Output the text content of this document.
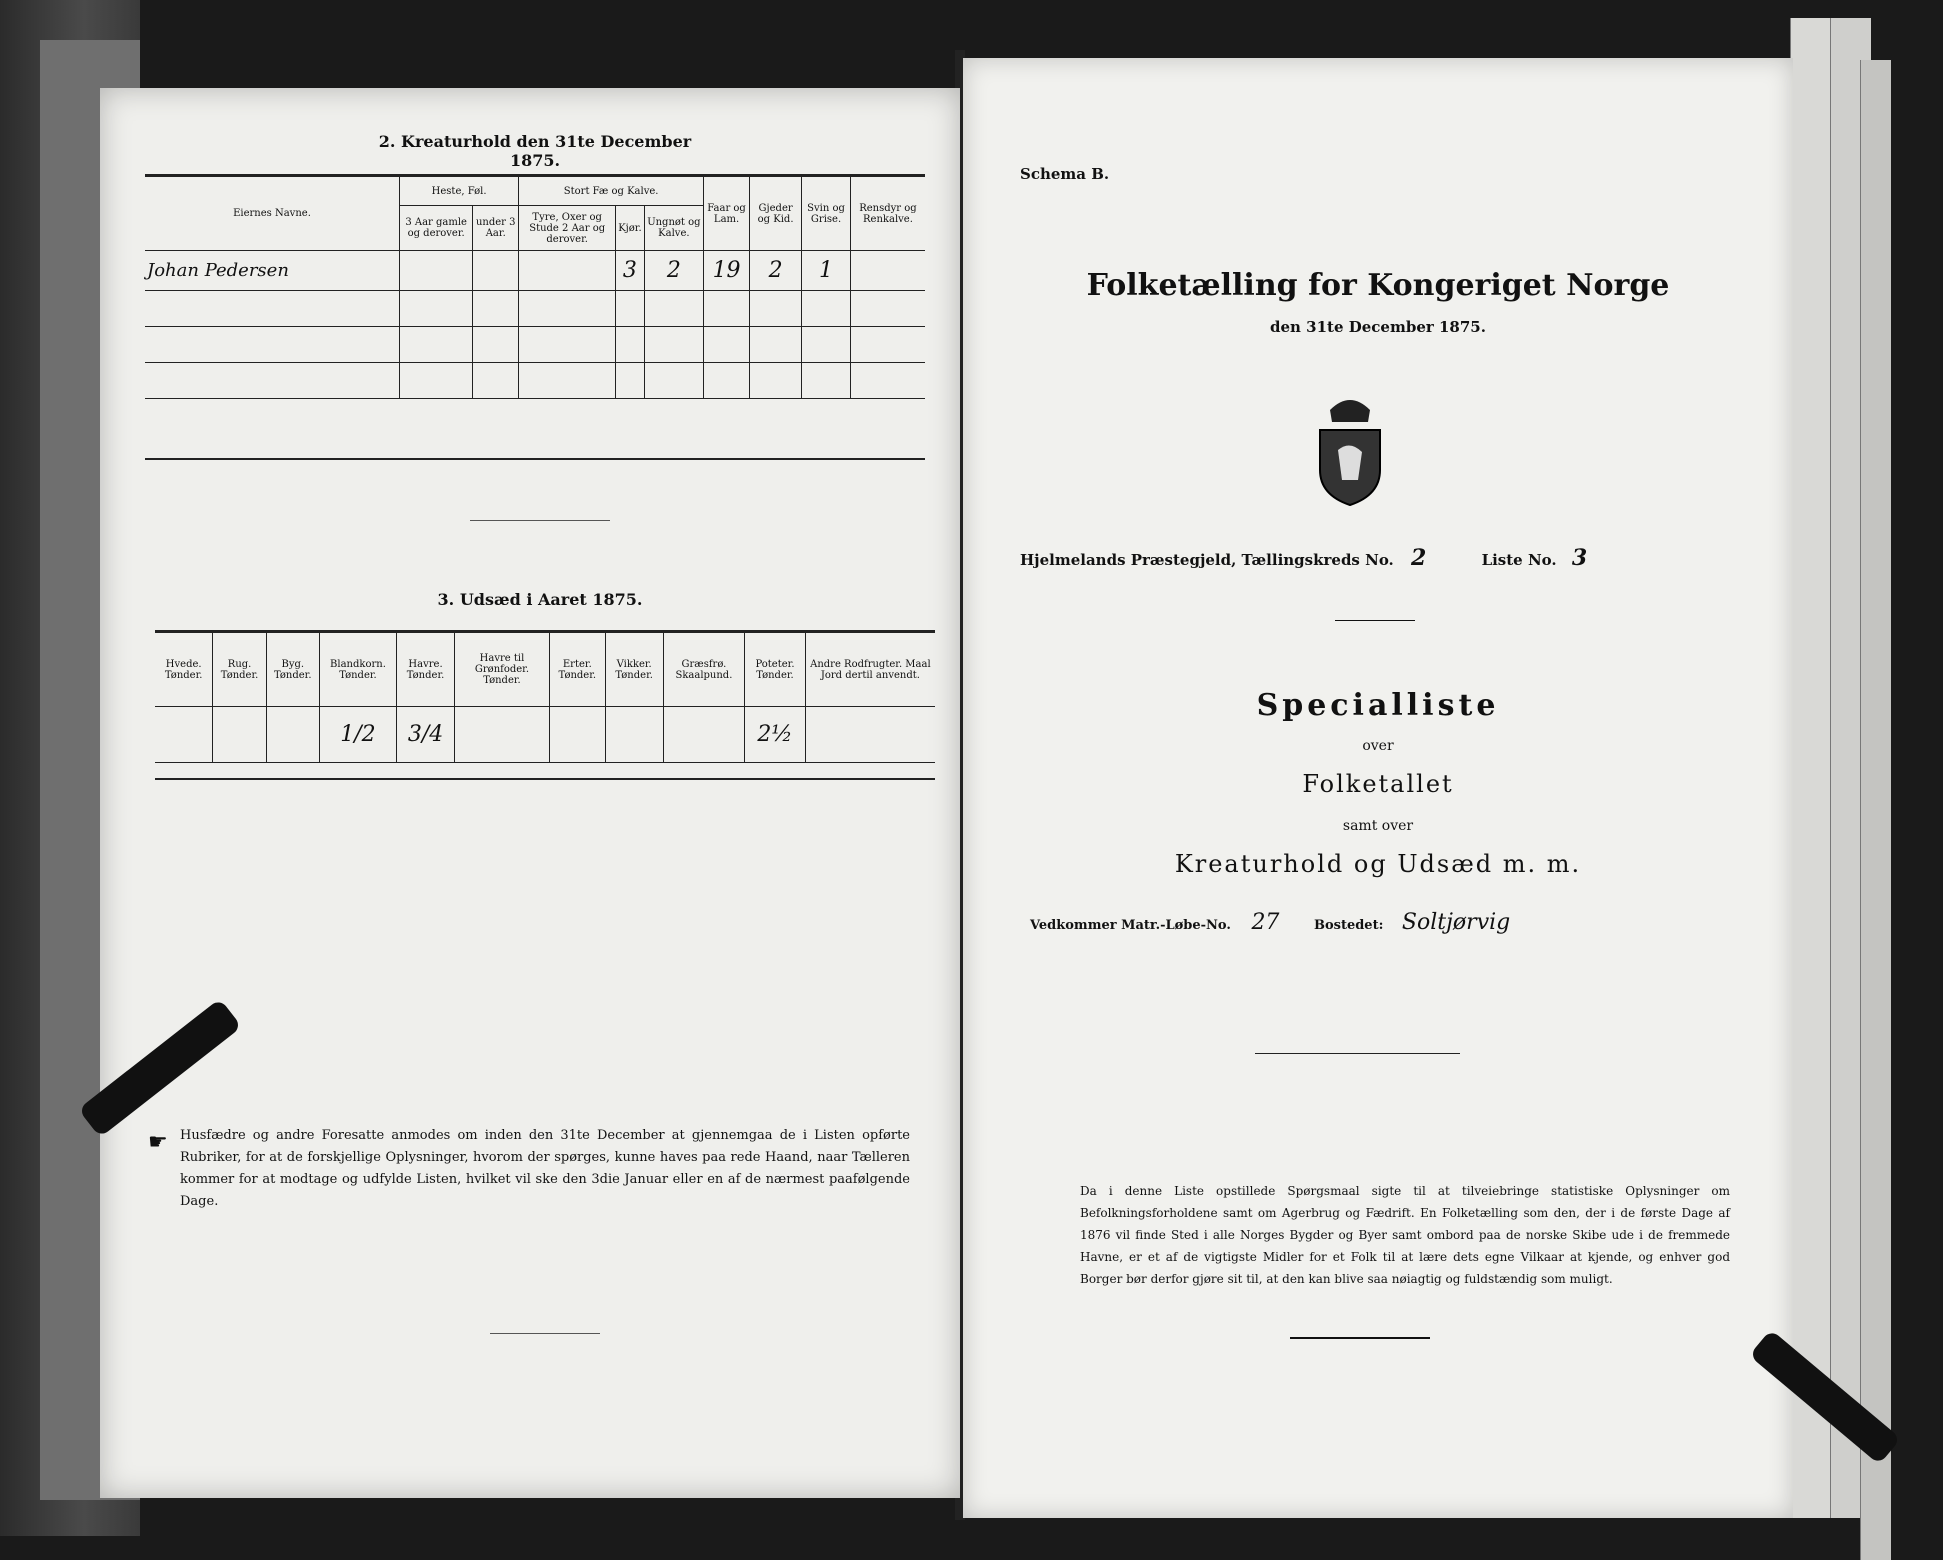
2. Kreaturhold den 31te December 1875.
Eiernes Navne.	Heste, Føl.		Stort Fæ og Kalve.			Faar og Lam.	Gjeder og Kid.	Svin og Grise.	Rensdyr og Renkalve.
	3 Aar gamle og derover.	under 3 Aar.	Tyre, Oxer og Stude 2 Aar og derover.	Kjør.	Ungnøt og Kalve.				
Johan Pedersen				3	2	19	2	1	

3. Udsæd i Aaret 1875.
Hvede. Tønder.	Rug. Tønder.	Byg. Tønder.	Blandkorn. Tønder.	Havre. Tønder.	Havre til Grønfoder. Tønder.	Erter. Tønder.	Vikker. Tønder.	Græsfrø. Skaalpund.	Poteter. Tønder.	Andre Rodfrugter. Maal Jord dertil anvendt.
			1/2	3/4					2½	
☛ Husfædre og andre Foresatte anmodes om inden den 31te December at gjennemgaa de i Listen opførte Rubriker, for at de forskjellige Oplysninger, hvorom der spørges, kunne haves paa rede Haand, naar Tælleren kommer for at modtage og udfylde Listen, hvilket vil ske den 3die Januar eller en af de nærmest paafølgende Dage.
Schema B.
Folketælling for Kongeriget Norge
den 31te December 1875.
Hjelmelands Præstegjeld, Tællingskreds No. 2	Liste No. 3
Specialliste
over
Folketallet
samt over
Kreaturhold og Udsæd m. m.
Vedkommer Matr.-Løbe-No. 27	Bostedet: Soltjørvig
Da i denne Liste opstillede Spørgsmaal sigte til at tilveiebringe statistiske Oplysninger om Befolkningsforholdene samt om Agerbrug og Fædrift. En Folketælling som den, der i de første Dage af 1876 vil finde Sted i alle Norges Bygder og Byer samt ombord paa de norske Skibe ude i de fremmede Havne, er et af de vigtigste Midler for et Folk til at lære dets egne Vilkaar at kjende, og enhver god Borger bør derfor gjøre sit til, at den kan blive saa nøiagtig og fuldstændig som muligt.
